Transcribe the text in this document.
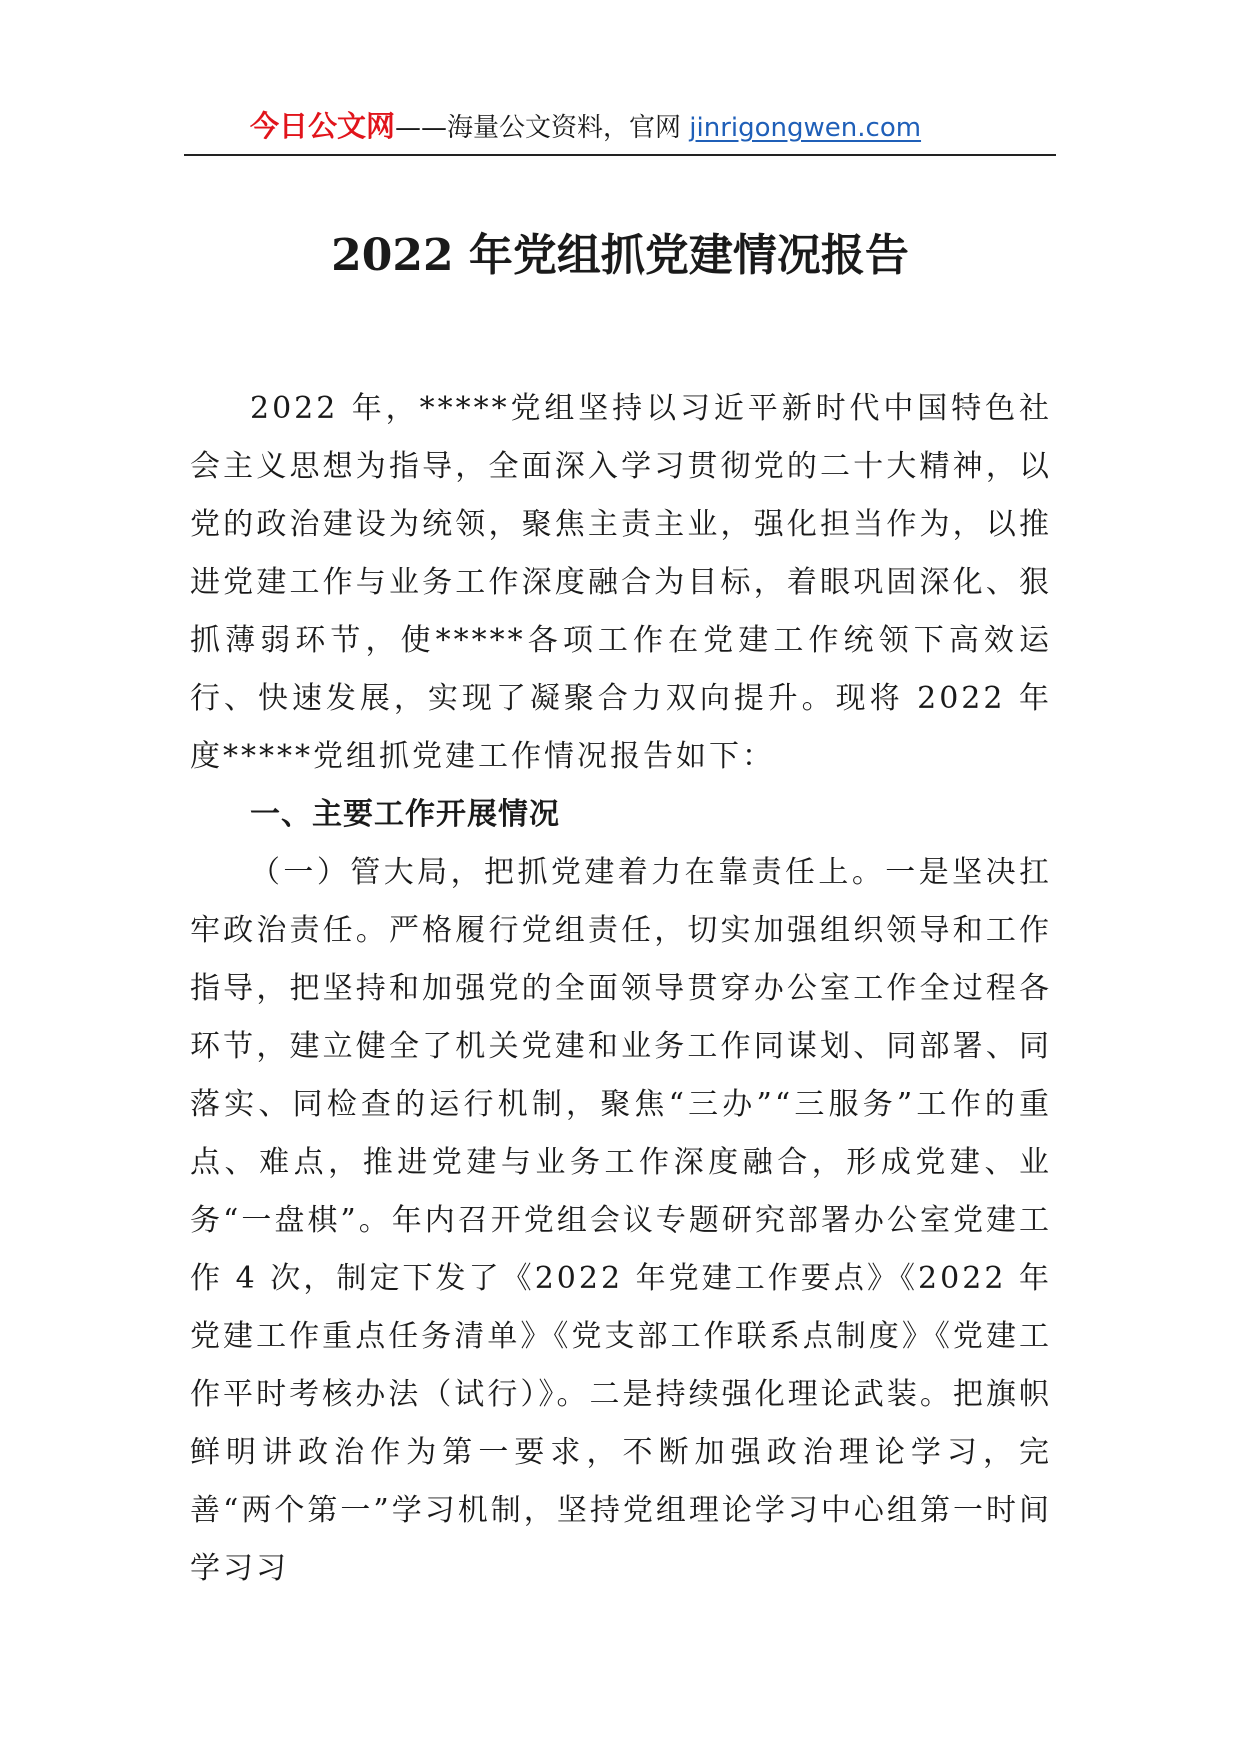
今日公文网——海量公文资料，官网 jinrigongwen.com
2022 年党组抓党建情况报告

2022 年，*****党组坚持以习近平新时代中国特色社会主义思想为指导，全面深入学习贯彻党的二十大精神，以党的政治建设为统领，聚焦主责主业，强化担当作为，以推进党建工作与业务工作深度融合为目标，着眼巩固深化、狠抓薄弱环节，使*****各项工作在党建工作统领下高效运行、快速发展，实现了凝聚合力双向提升。现将 2022 年度*****党组抓党建工作情况报告如下：

一、主要工作开展情况

（一）管大局，把抓党建着力在靠责任上。一是坚决扛牢政治责任。严格履行党组责任，切实加强组织领导和工作指导，把坚持和加强党的全面领导贯穿办公室工作全过程各环节，建立健全了机关党建和业务工作同谋划、同部署、同落实、同检查的运行机制，聚焦“三办”“三服务”工作的重点、难点，推进党建与业务工作深度融合，形成党建、业务“一盘棋”。年内召开党组会议专题研究部署办公室党建工作 4 次，制定下发了《2022 年党建工作要点》《2022 年党建工作重点任务清单》《党支部工作联系点制度》《党建工作平时考核办法（试行）》。二是持续强化理论武装。把旗帜鲜明讲政治作为第一要求，不断加强政治理论学习，完善“两个第一”学习机制，坚持党组理论学习中心组第一时间学习习
